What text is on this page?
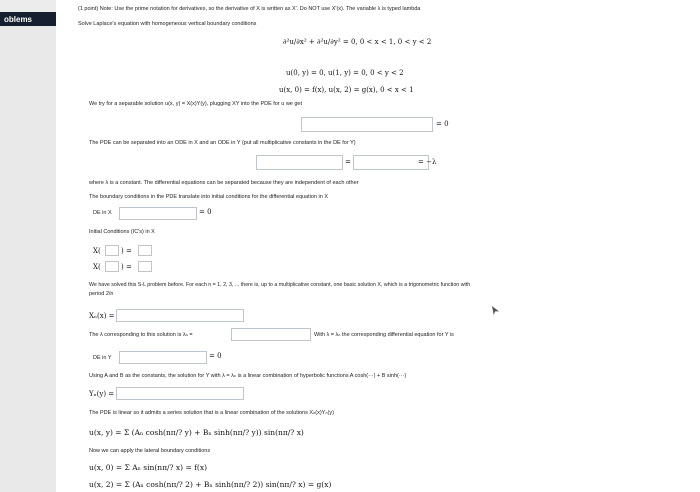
oblems
(1 point) Note: Use the prime notation for derivatives, so the derivative of X is written as X'. Do NOT use X'(x). The variable λ is typed lambda
Solve Laplace's equation with homogeneous vertical boundary conditions
∂²u/∂x² + ∂²u/∂y² = 0, 0 < x < 1, 0 < y < 2
u(0, y) = 0, u(1, y) = 0, 0 < y < 2
u(x, 0) = f(x), u(x, 2) = g(x), 0 < x < 1
We try for a separable solution u(x, y) = X(x)Y(y), plugging XY into the PDE for u we get
= 0
The PDE can be separated into an ODE in X and an ODE in Y (put all multiplicative constants in the DE for Y)
=	= −λ
where λ is a constant. The differential equations can be separated because they are independent of each other
The boundary conditions in the PDE translate into initial conditions for the differential equation in X
DE in X	= 0
Initial Conditions (IC's) in X
X(	) =
X(	) =
We have solved this S-L problem before. For each n = 1, 2, 3, ... there is, up to a multiplicative constant, one basic solution X, which is a trigonometric function with
period 2/n
Xₙ(x) =
The λ corresponding to this solution is λₙ =	With λ = λₙ the corresponding differential equation for Y is
DE in Y	= 0
Using A and B as the constants, the solution for Y with λ = λₙ is a linear combination of hyperbolic functions A cosh(···) + B sinh(···)
Yₙ(y) =
The PDE is linear so it admits a series solution that is a linear combination of the solutions Xₙ(x)Yₙ(y)
u(x, y) = Σ (Aₙ cosh(nπ/? y) + Bₙ sinh(nπ/? y)) sin(nπ/? x)
Now we can apply the lateral boundary conditions
u(x, 0) = Σ Aₙ sin(nπ/? x) = f(x)
u(x, 2) = Σ (Aₙ cosh(nπ/? 2) + Bₙ sinh(nπ/? 2)) sin(nπ/? x) = g(x)
